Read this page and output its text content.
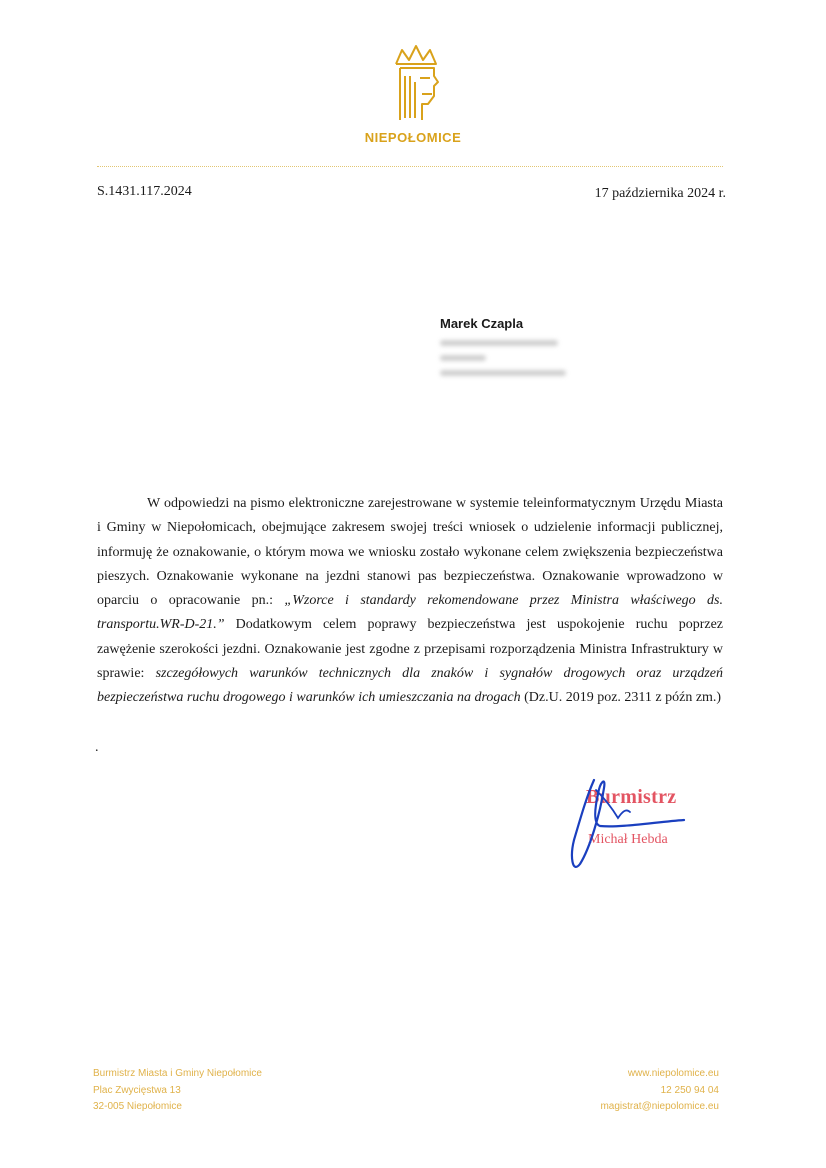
NIEPOŁOMICE
S.1431.117.2024	17 października 2024 r.
Marek Czapla

W odpowiedzi na pismo elektroniczne zarejestrowane w systemie teleinformatycznym Urzędu Miasta i Gminy w Niepołomicach, obejmujące zakresem swojej treści wniosek o udzielenie informacji publicznej, informuję że oznakowanie, o którym mowa we wniosku zostało wykonane celem zwiększenia bezpieczeństwa pieszych. Oznakowanie wykonane na jezdni stanowi pas bezpieczeństwa. Oznakowanie wprowadzono w oparciu o opracowanie pn.: „Wzorce i standardy rekomendowane przez Ministra właściwego ds. transportu.WR-D-21.” Dodatkowym celem poprawy bezpieczeństwa jest uspokojenie ruchu poprzez zawężenie szerokości jezdni. Oznakowanie jest zgodne z przepisami rozporządzenia Ministra Infrastruktury w sprawie: szczegółowych warunków technicznych dla znaków i sygnałów drogowych oraz urządzeń bezpieczeństwa ruchu drogowego i warunków ich umieszczania na drogach (Dz.U. 2019 poz. 2311 z późn zm.)

.
Burmistrz
Michał Hebda
Burmistrz Miasta i Gminy Niepołomice
Plac Zwycięstwa 13
32-005 Niepołomice
www.niepolomice.eu
12 250 94 04
magistrat@niepolomice.eu
